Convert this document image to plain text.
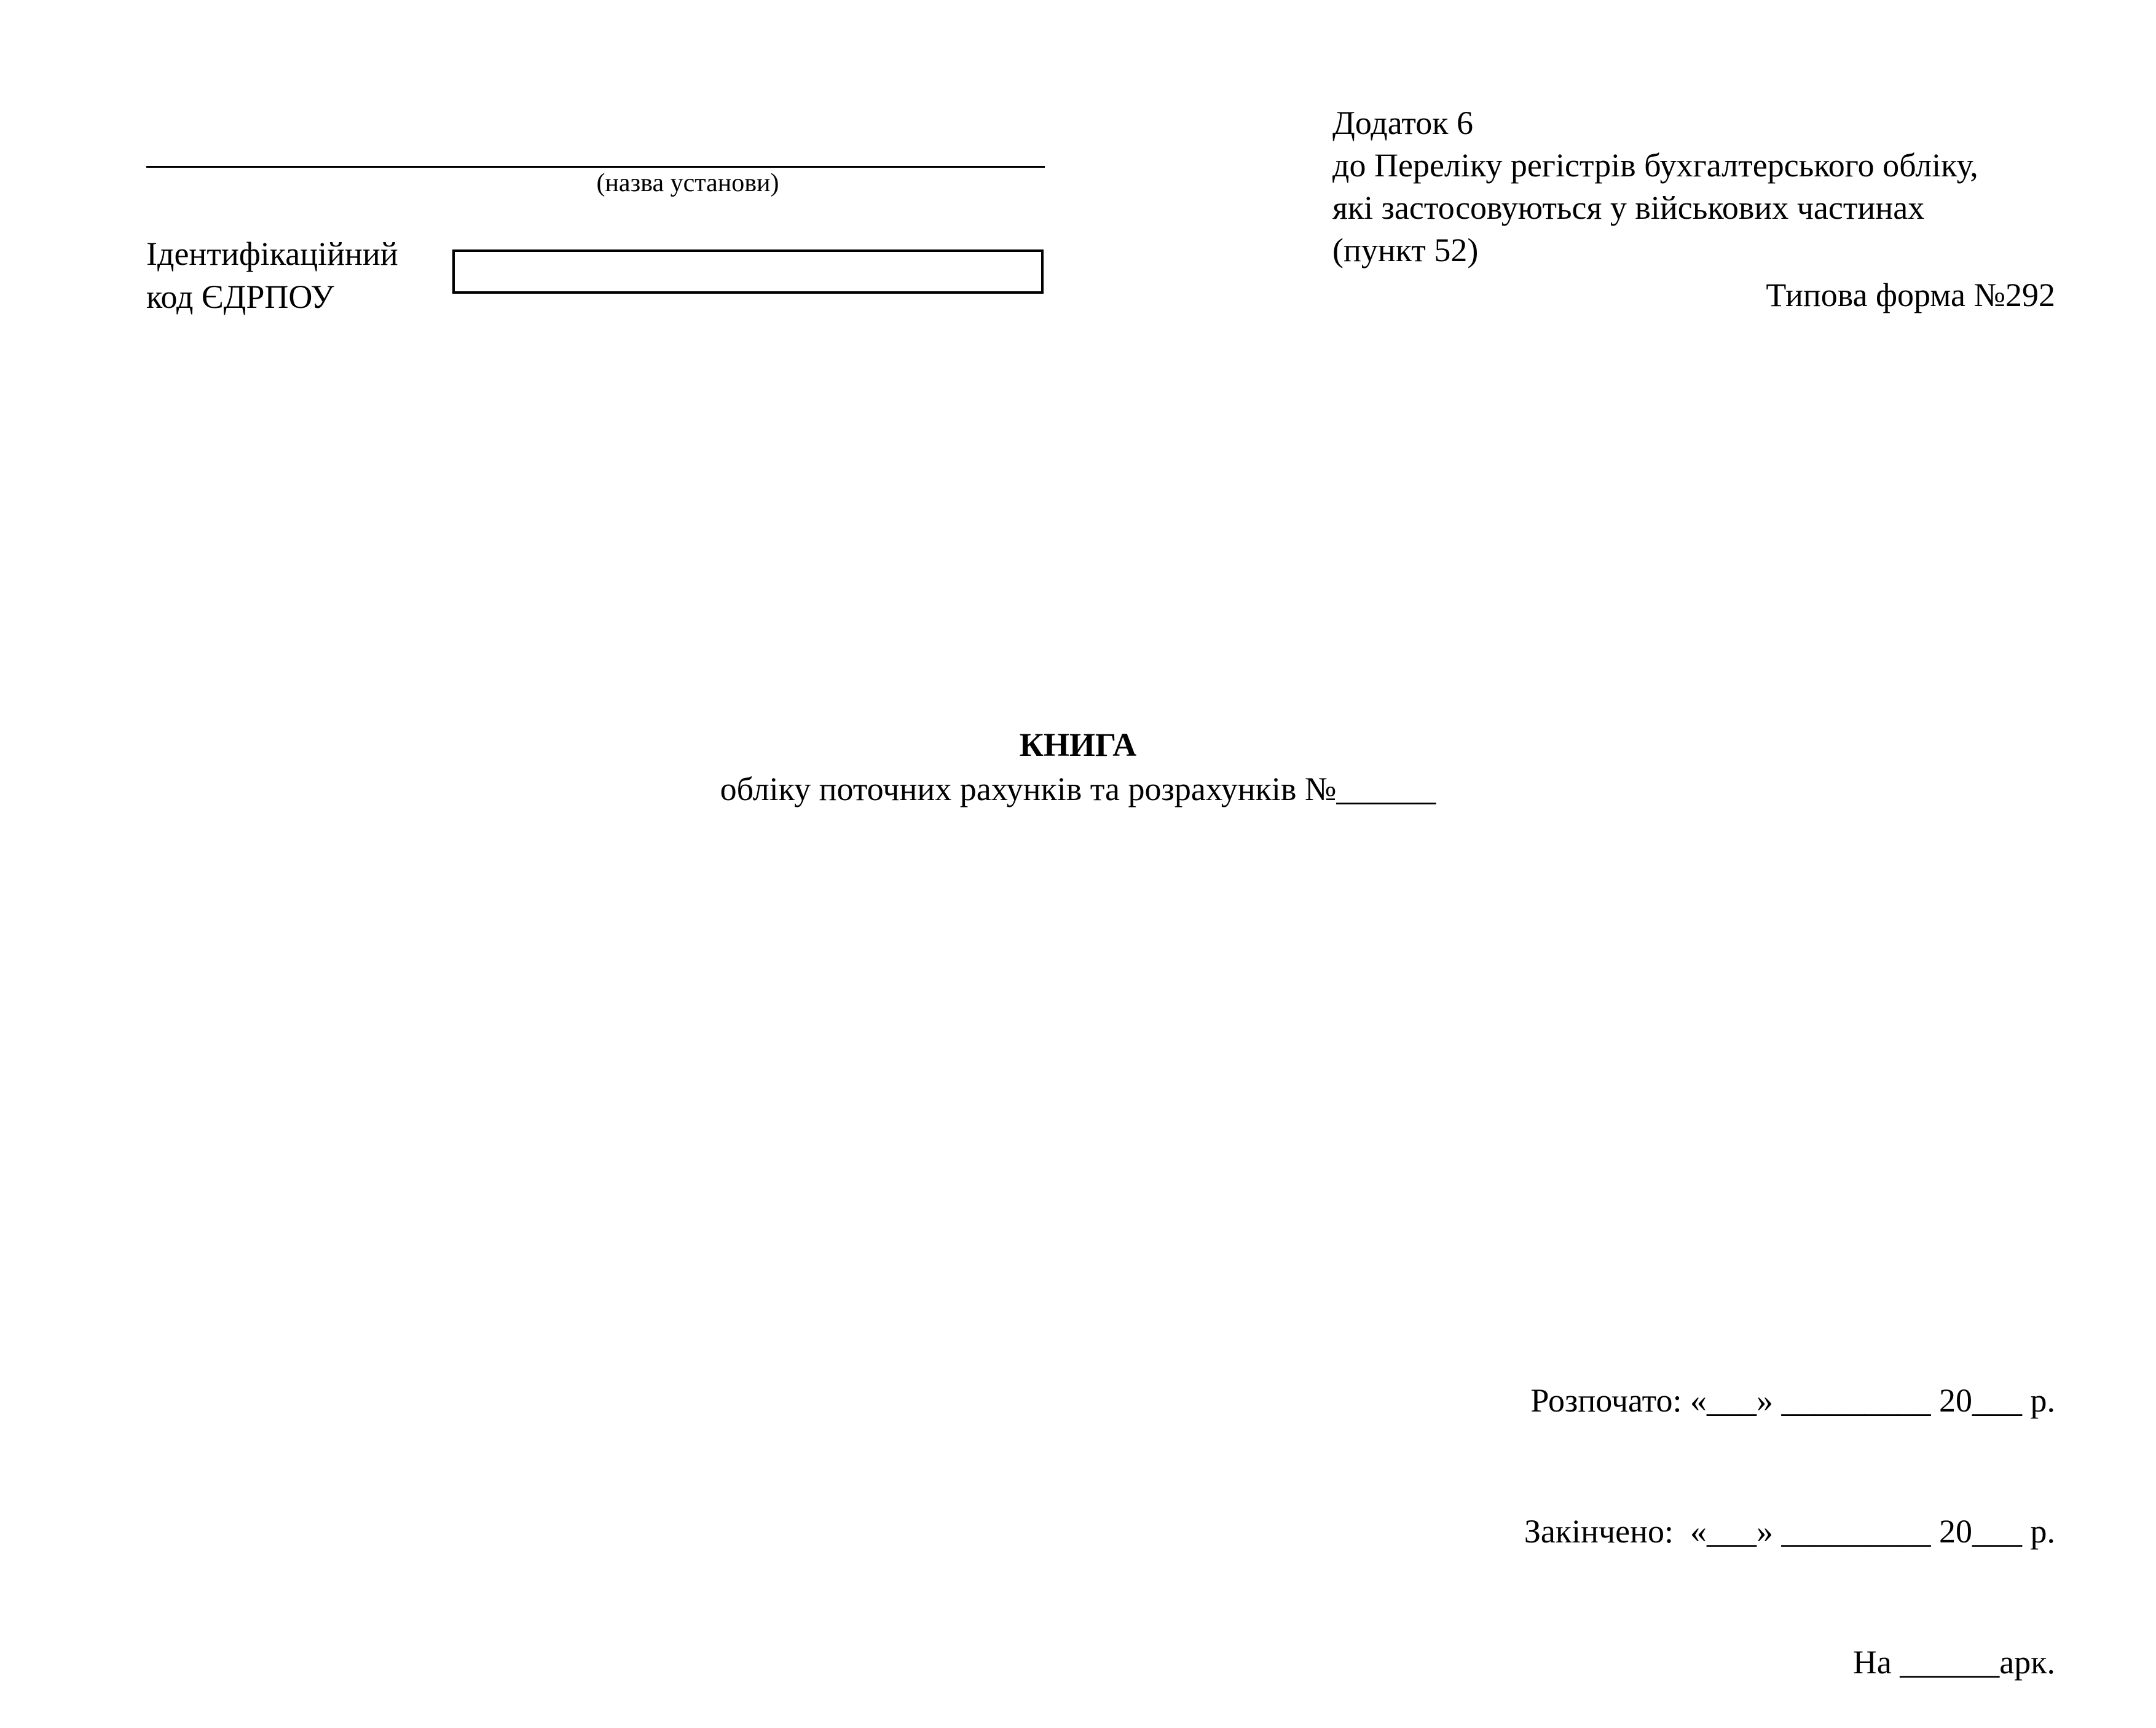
(назва установи)
Ідентифікаційний
код ЄДРПОУ
Додаток 6
до Переліку регістрів бухгалтерського обліку,
які застосовуються у військових частинах
(пункт 52)
Типова форма №292
КНИГА
обліку поточних рахунків та розрахунків №______

Розпочато: «___» _________ 20___ р.

Закінчено:  «___» _________ 20___ р.

На ______арк.
